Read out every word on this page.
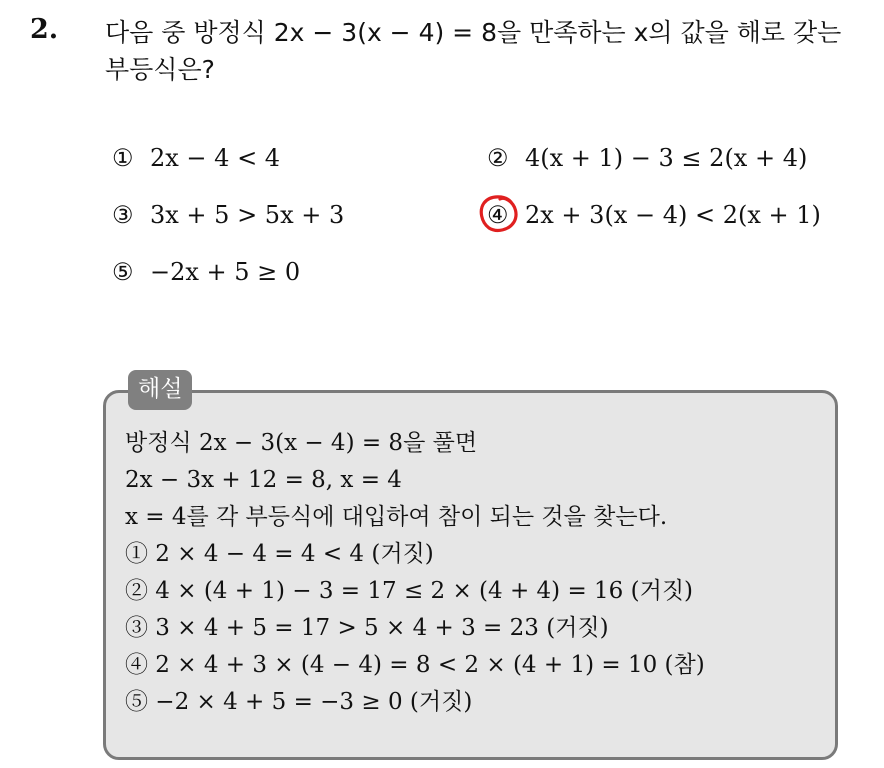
2. 다음 중 방정식 2x − 3(x − 4) = 8을 만족하는 x의 값을 해로 갖는 부등식은?
① 2x − 4 < 4	② 4(x + 1) − 3 ≤ 2(x + 4)
③ 3x + 5 > 5x + 3	④ 2x + 3(x − 4) < 2(x + 1)
⑤ −2x + 5 ≥ 0
해설
방정식 2x − 3(x − 4) = 8을 풀면
2x − 3x + 12 = 8, x = 4
x = 4를 각 부등식에 대입하여 참이 되는 것을 찾는다.
① 2 × 4 − 4 = 4 < 4 (거짓)
② 4 × (4 + 1) − 3 = 17 ≤ 2 × (4 + 4) = 16 (거짓)
③ 3 × 4 + 5 = 17 > 5 × 4 + 3 = 23 (거짓)
④ 2 × 4 + 3 × (4 − 4) = 8 < 2 × (4 + 1) = 10 (참)
⑤ −2 × 4 + 5 = −3 ≥ 0 (거짓)
